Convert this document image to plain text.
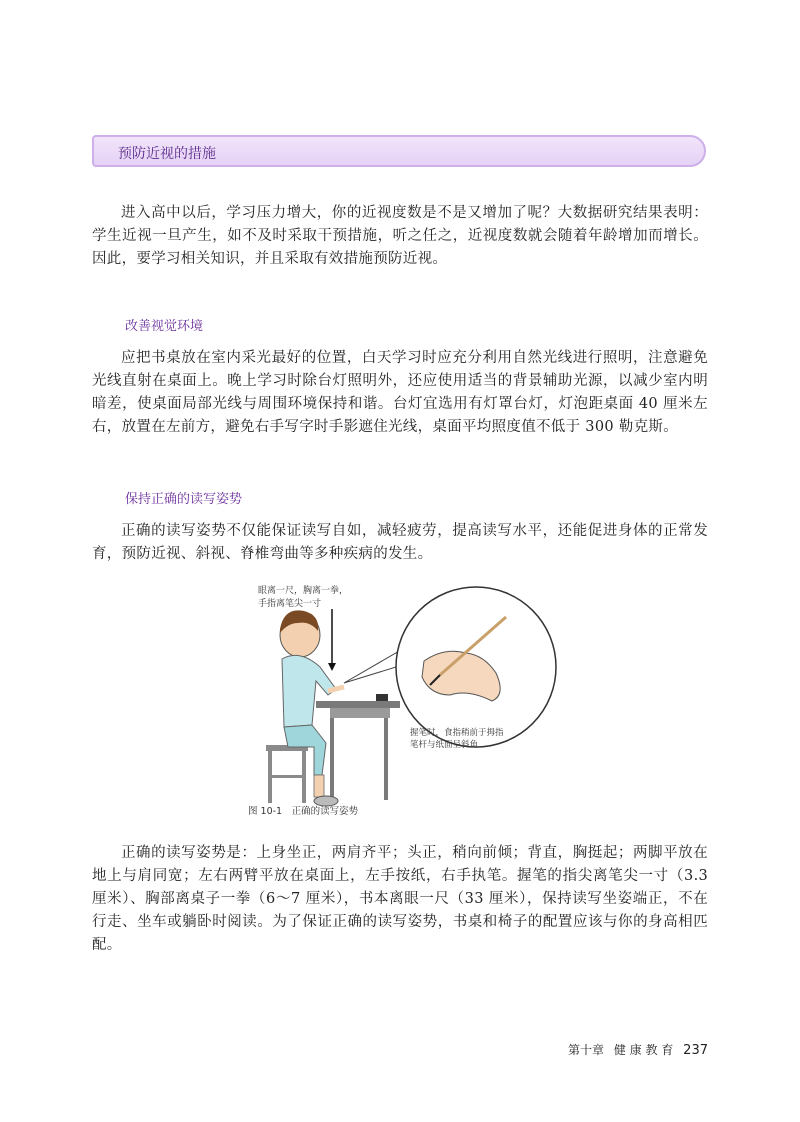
预防近视的措施

进入高中以后，学习压力增大，你的近视度数是不是又增加了呢？大数据研究结果表明：学生近视一旦产生，如不及时采取干预措施，听之任之，近视度数就会随着年龄增加而增长。因此，要学习相关知识，并且采取有效措施预防近视。

改善视觉环境

应把书桌放在室内采光最好的位置，白天学习时应充分利用自然光线进行照明，注意避免光线直射在桌面上。晚上学习时除台灯照明外，还应使用适当的背景辅助光源，以减少室内明暗差，使桌面局部光线与周围环境保持和谐。台灯宜选用有灯罩台灯，灯泡距桌面 40 厘米左右，放置在左前方，避免右手写字时手影遮住光线，桌面平均照度值不低于 300 勒克斯。

保持正确的读写姿势

正确的读写姿势不仅能保证读写自如，减轻疲劳，提高读写水平，还能促进身体的正常发育，预防近视、斜视、脊椎弯曲等多种疾病的发生。

眼离一尺，胸离一拳，
手指离笔尖一寸
握笔时，食指稍前于拇指
笔杆与纸面呈斜角
图 10-1　正确的读写姿势

正确的读写姿势是：上身坐正，两肩齐平；头正，稍向前倾；背直，胸挺起；两脚平放在地上与肩同宽；左右两臂平放在桌面上，左手按纸，右手执笔。握笔的指尖离笔尖一寸（3.3 厘米）、胸部离桌子一拳（6～7 厘米），书本离眼一尺（33 厘米），保持读写坐姿端正，不在行走、坐车或躺卧时阅读。为了保证正确的读写姿势，书桌和椅子的配置应该与你的身高相匹配。

第十章 健 康 教 育 237
